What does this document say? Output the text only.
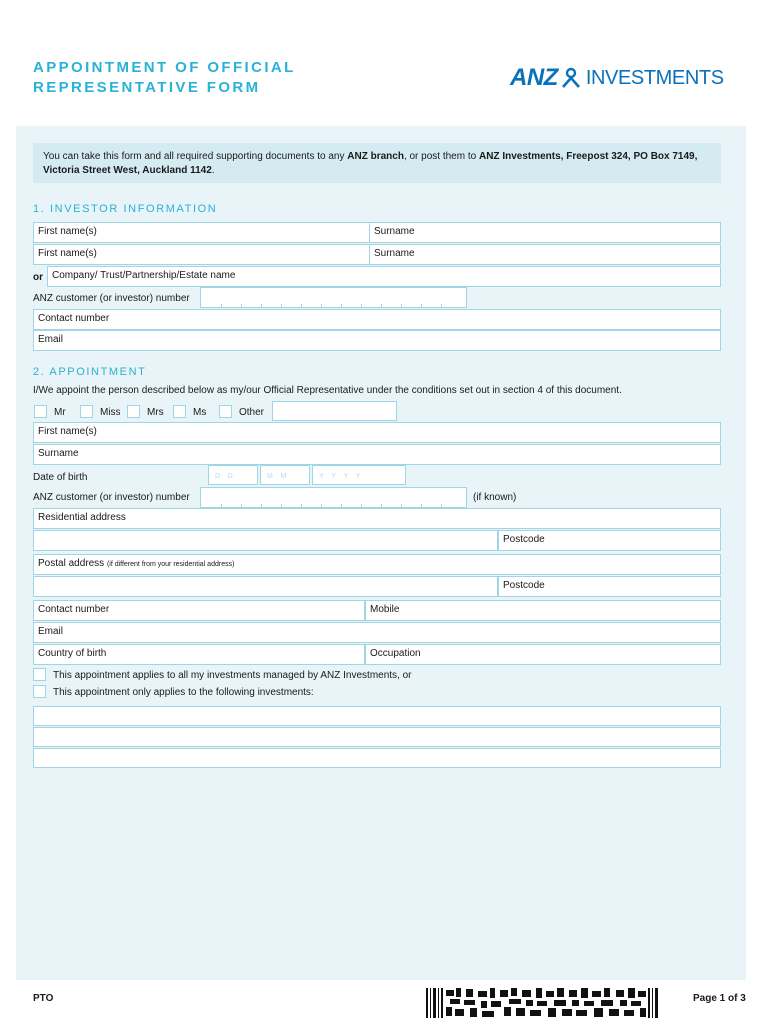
APPOINTMENT OF OFFICIAL
REPRESENTATIVE FORM	ANZ INVESTMENTS
You can take this form and all required supporting documents to any ANZ branch, or post them to ANZ Investments, Freepost 324, PO Box 7149, Victoria Street West, Auckland 1142.
1. INVESTOR INFORMATION
First name(s)	Surname
First name(s)	Surname
or Company/ Trust/Partnership/Estate name
ANZ customer (or investor) number
Contact number
Email
2. APPOINTMENT
I/We appoint the person described below as my/our Official Representative under the conditions set out in section 4 of this document.
Mr	Miss	Mrs	Ms	Other
First name(s)
Surname
Date of birth	D D	M M	Y Y Y Y
ANZ customer (or investor) number	(if known)
Residential address
Postcode
Postal address (if different from your residential address)
Postcode
Contact number	Mobile
Email
Country of birth	Occupation
This appointment applies to all my investments managed by ANZ Investments, or
This appointment only applies to the following investments:
PTO	Page 1 of 3
